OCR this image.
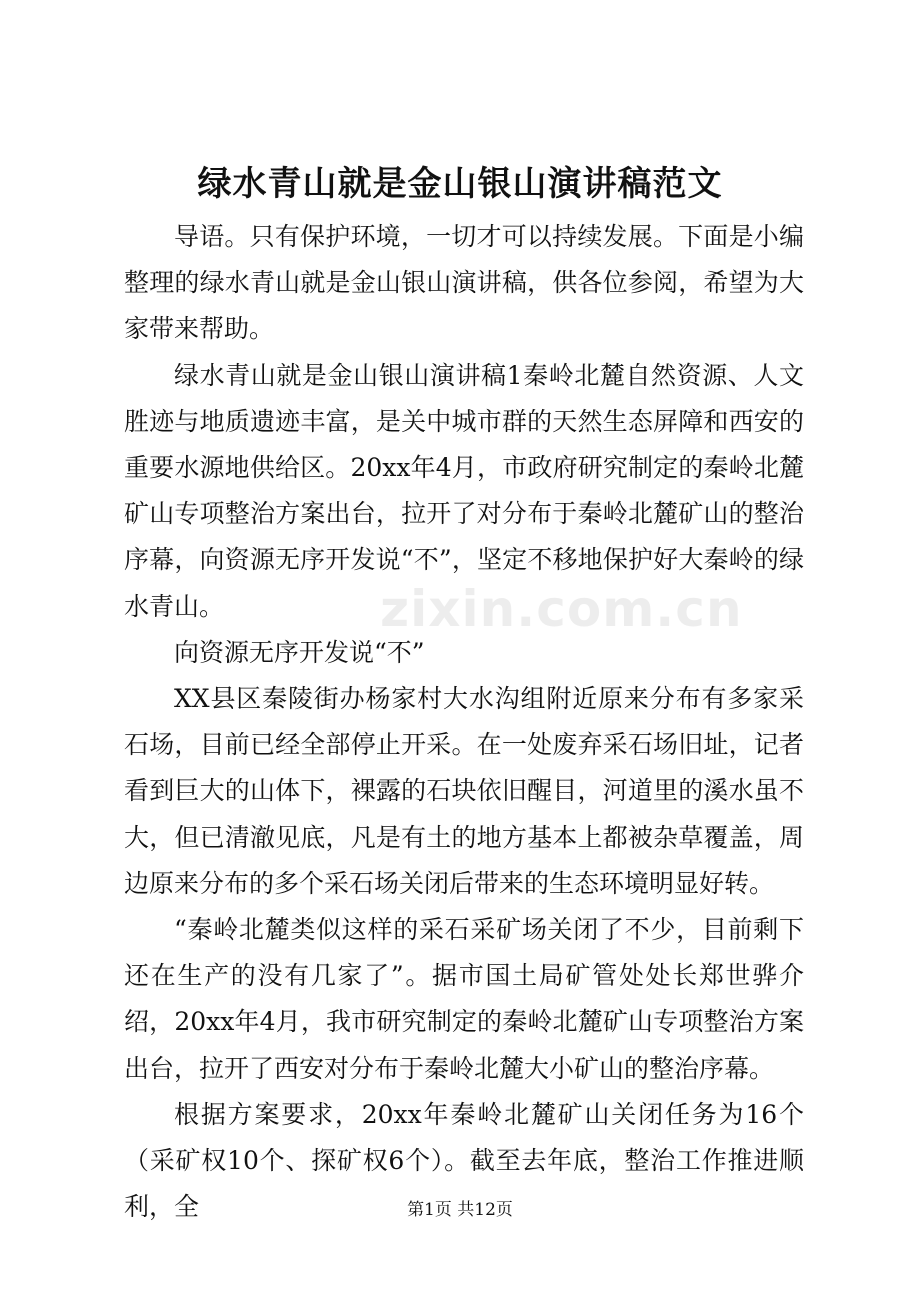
绿水青山就是金山银山演讲稿范文

导语。只有保护环境，一切才可以持续发展。下面是小编整理的绿水青山就是金山银山演讲稿，供各位参阅，希望为大家带来帮助。

绿水青山就是金山银山演讲稿1秦岭北麓自然资源、人文胜迹与地质遗迹丰富，是关中城市群的天然生态屏障和西安的重要水源地供给区。20xx年4月，市政府研究制定的秦岭北麓矿山专项整治方案出台，拉开了对分布于秦岭北麓矿山的整治序幕，向资源无序开发说“不”，坚定不移地保护好大秦岭的绿水青山。

向资源无序开发说“不”

XX县区秦陵街办杨家村大水沟组附近原来分布有多家采石场，目前已经全部停止开采。在一处废弃采石场旧址，记者看到巨大的山体下，裸露的石块依旧醒目，河道里的溪水虽不大，但已清澈见底，凡是有土的地方基本上都被杂草覆盖，周边原来分布的多个采石场关闭后带来的生态环境明显好转。

“秦岭北麓类似这样的采石采矿场关闭了不少，目前剩下还在生产的没有几家了”。据市国土局矿管处处长郑世骅介绍，20xx年4月，我市研究制定的秦岭北麓矿山专项整治方案出台，拉开了西安对分布于秦岭北麓大小矿山的整治序幕。

根据方案要求，20xx年秦岭北麓矿山关闭任务为16个（采矿权10个、探矿权6个）。截至去年底，整治工作推进顺利，全

zixin.com.cn
第1页 共12页
